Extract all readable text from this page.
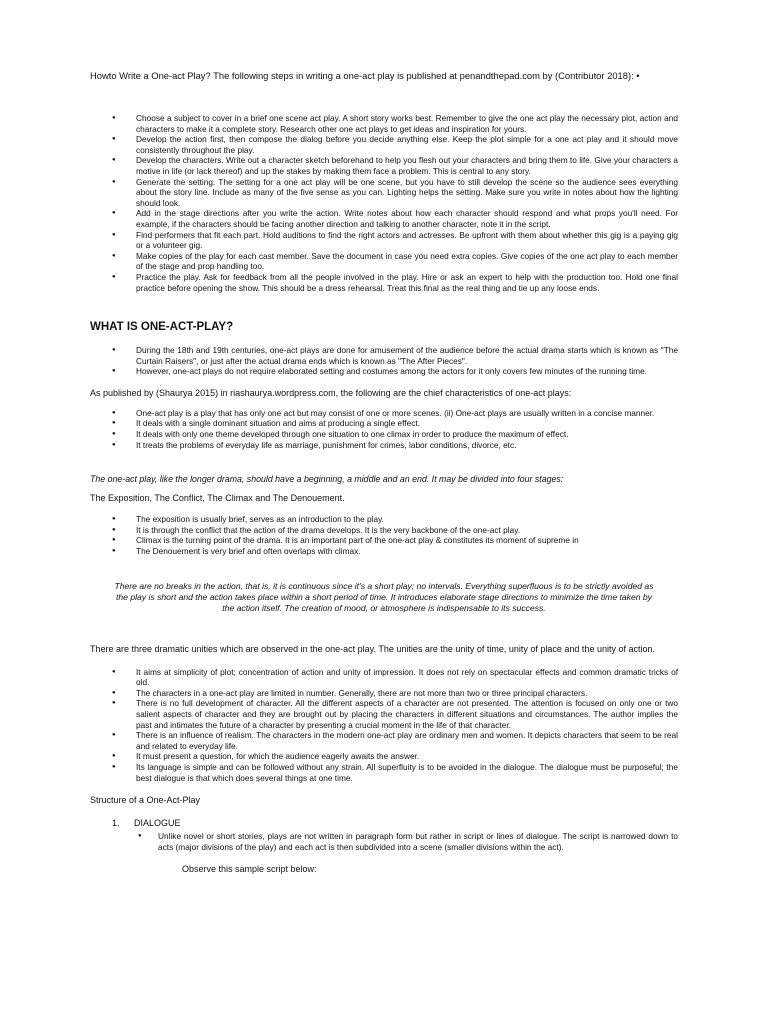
Howto Write a One-act Play? The following steps in writing a one-act play is published at penandthepad.com by (Contributor 2018): •

● Choose a subject to cover in a brief one scene act play. A short story works best. Remember to give the one act play the necessary plot, action and characters to make it a complete story. Research other one act plays to get ideas and inspiration for yours.
● Develop the action first, then compose the dialog before you decide anything else. Keep the plot simple for a one act play and it should move consistently throughout the play.
● Develop the characters. Write out a character sketch beforehand to help you flesh out your characters and bring them to life. Give your characters a motive in life (or lack thereof) and up the stakes by making them face a problem. This is central to any story.
● Generate the setting. The setting for a one act play will be one scene, but you have to still develop the scene so the audience sees everything about the story line. Include as many of the five sense as you can. Lighting helps the setting. Make sure you write in notes about how the lighting should look.
● Add in the stage directions after you write the action. Write notes about how each character should respond and what props you'll need. For example, if the characters should be facing another direction and talking to another character, note it in the script.
● Find performers that fit each part. Hold auditions to find the right actors and actresses. Be upfront with them about whether this gig is a paying gig or a volunteer gig.
● Make copies of the play for each cast member. Save the document in case you need extra copies. Give copies of the one act play to each member of the stage and prop handling too.
● Practice the play. Ask for feedback from all the people involved in the play. Hire or ask an expert to help with the production too. Hold one final practice before opening the show. This should be a dress rehearsal. Treat this final as the real thing and tie up any loose ends.
WHAT IS ONE-ACT-PLAY?
● During the 18th and 19th centuries, one-act plays are done for amusement of the audience before the actual drama starts which is known as "The Curtain Raisers", or just after the actual drama ends which is known as "The After Pieces".
● However, one-act plays do not require elaborated setting and costumes among the actors for it only covers few minutes of the running time.

As published by (Shaurya 2015) in riashaurya.wordpress.com, the following are the chief characteristics of one-act plays:

● One-act play is a play that has only one act but may consist of one or more scenes. (ii) One-act plays are usually written in a concise manner.
● It deals with a single dominant situation and aims at producing a single effect.
● It deals with only one theme developed through one situation to one climax in order to produce the maximum of effect.
● It treats the problems of everyday life as marriage, punishment for crimes, labor conditions, divorce, etc.

The one-act play, like the longer drama, should have a beginning, a middle and an end. It may be divided into four stages:

The Exposition, The Conflict, The Climax and The Denouement.

● The exposition is usually brief, serves as an introduction to the play.
● It is through the conflict that the action of the drama develops. It is the very backbone of the one-act play.
● Climax is the turning point of the drama. It is an important part of the one-act play & constitutes its moment of supreme in
● The Denouement is very brief and often overlaps with climax.

There are no breaks in the action, that is, it is continuous since it's a short play; no intervals. Everything superfluous is to be strictly avoided as the play is short and the action takes place within a short period of time. It introduces elaborate stage directions to minimize the time taken by the action itself. The creation of mood, or atmosphere is indispensable to its success.

There are three dramatic unities which are observed in the one-act play. The unities are the unity of time, unity of place and the unity of action.

● It aims at simplicity of plot; concentration of action and unity of impression. It does not rely on spectacular effects and common dramatic tricks of old.
● The characters in a one-act play are limited in number. Generally, there are not more than two or three principal characters.
● There is no full development of character. All the different aspects of a character are not presented. The attention is focused on only one or two salient aspects of character and they are brought out by placing the characters in different situations and circumstances. The author implies the past and intimates the future of a character by presenting a crucial moment in the life of that character.
● There is an influence of realism. The characters in the modern one-act play are ordinary men and women. It depicts characters that seem to be real and related to everyday life.
● It must present a question, for which the audience eagerly awaits the answer.
● Its language is simple and can be followed without any strain. All superfluity is to be avoided in the dialogue. The dialogue must be purposeful; the best dialogue is that which does several things at one time.

Structure of a One-Act-Play

1. DIALOGUE
● Unlike novel or short stories, plays are not written in paragraph form but rather in script or lines of dialogue. The script is narrowed down to acts (major divisions of the play) and each act is then subdivided into a scene (smaller divisions within the act).
Observe this sample script below:
